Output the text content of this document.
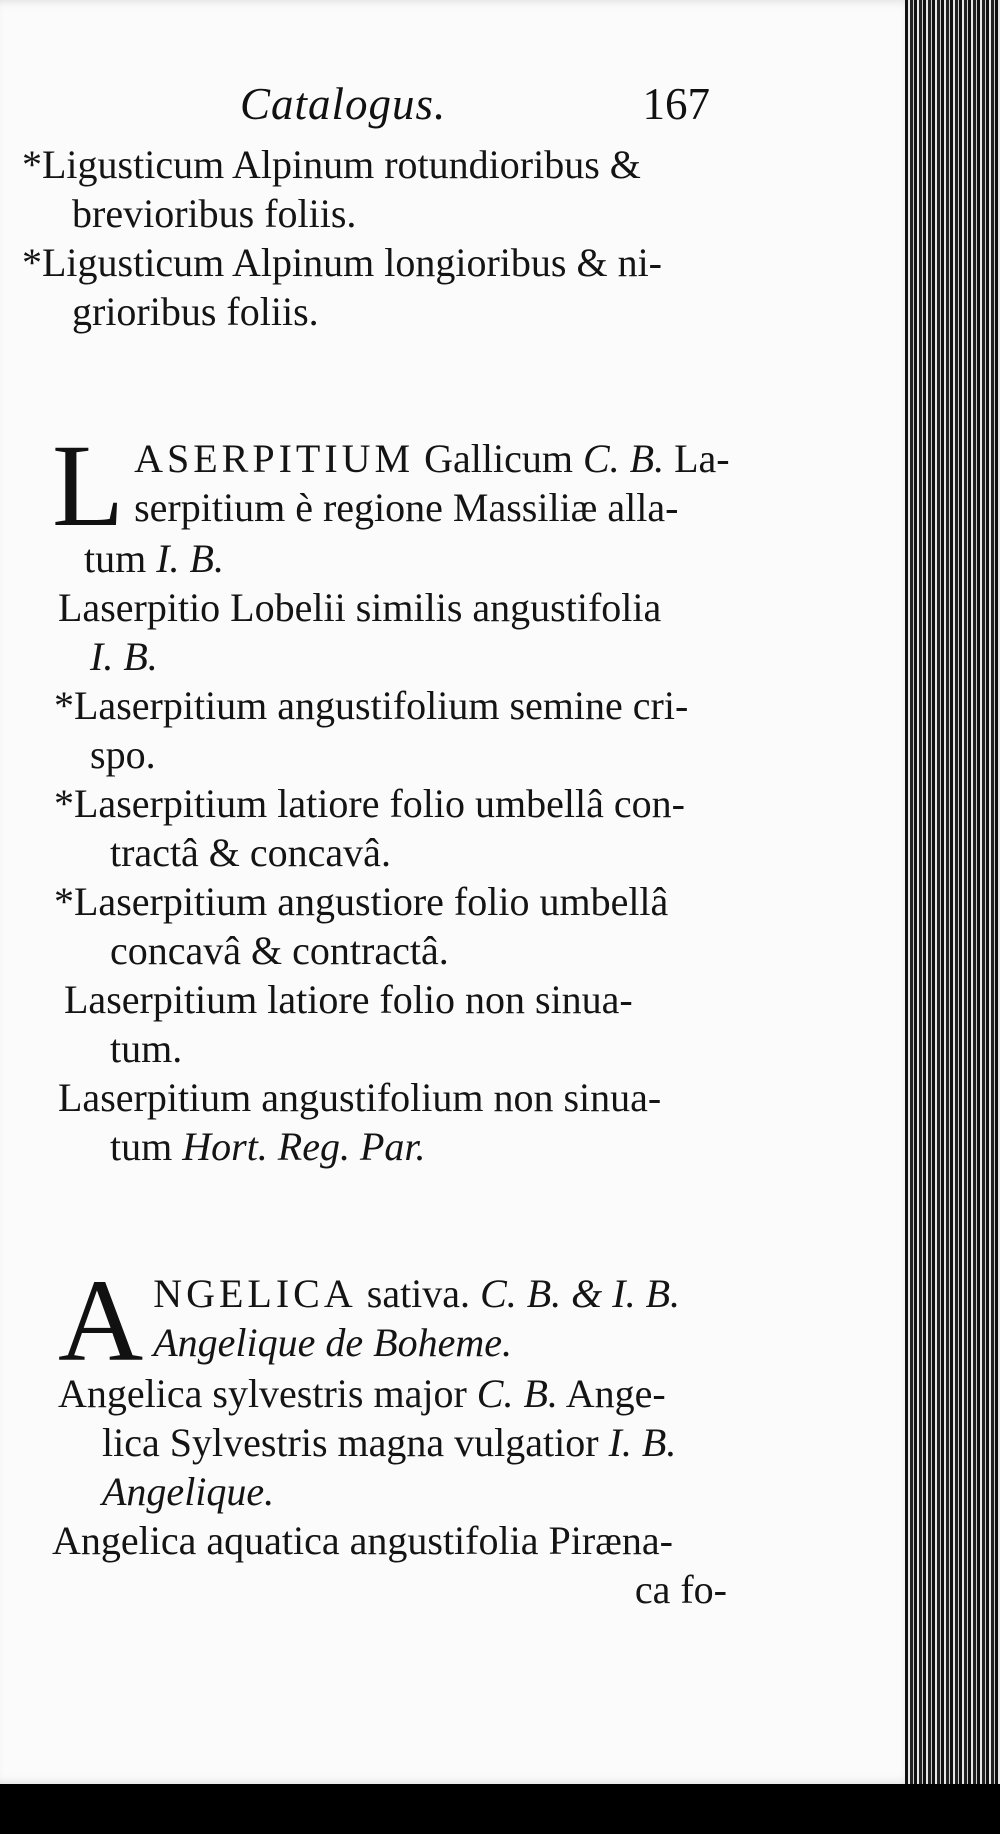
Catalogus.	167
*Ligusticum Alpinum rotundioribus &
brevioribus foliis.
*Ligusticum Alpinum longioribus & ni-
grioribus foliis.
L ASERPITIUM Gallicum C. B. La-
serpitium è regione Massiliæ alla-
tum I. B.
Laserpitio Lobelii similis angustifolia
I. B.
*Laserpitium angustifolium semine cri-
spo.
*Laserpitium latiore folio umbellâ con-
tractâ & concavâ.
*Laserpitium angustiore folio umbellâ
concavâ & contractâ.
Laserpitium latiore folio non sinua-
tum.
Laserpitium angustifolium non sinua-
tum Hort. Reg. Par.
A NGELICA sativa. C. B. & I. B.
Angelique de Boheme.
Angelica sylvestris major C. B. Ange-
lica Sylvestris magna vulgatior I. B.
Angelique.
Angelica aquatica angustifolia Piræna-
ca fo-
